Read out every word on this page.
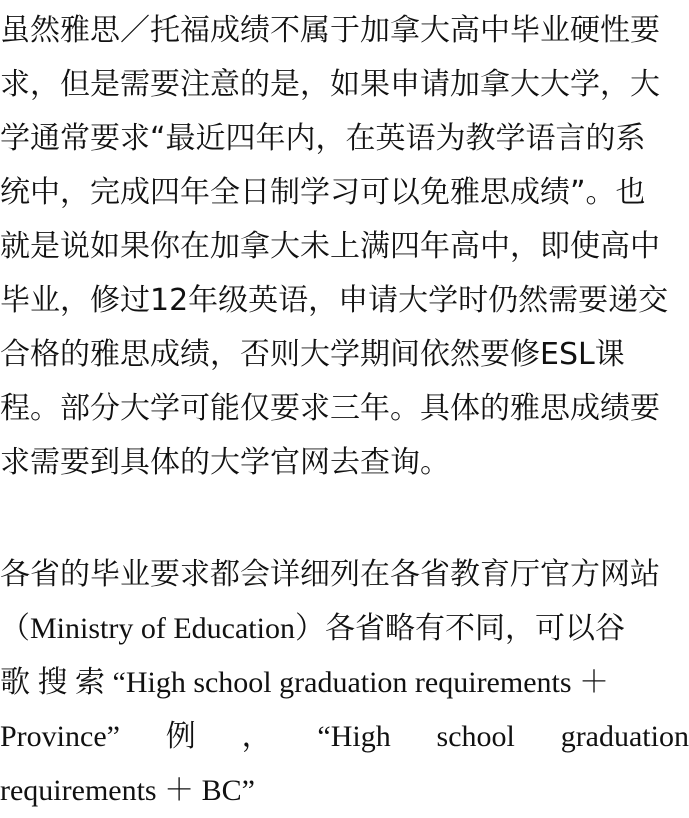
虽然雅思／托福成绩不属于加拿大高中毕业硬性要
求，但是需要注意的是，如果申请加拿大大学，大
学通常要求“最近四年内，在英语为教学语言的系
统中，完成四年全日制学习可以免雅思成绩”。也
就是说如果你在加拿大未上满四年高中，即使高中
毕业，修过12年级英语，申请大学时仍然需要递交
合格的雅思成绩，否则大学期间依然要修ESL课
程。部分大学可能仅要求三年。具体的雅思成绩要
求需要到具体的大学官网去查询。
各省的毕业要求都会详细列在各省教育厅官方网站
（Ministry of Education）各省略有不同，可以谷
歌 搜 索 “High school graduation requirements ＋
Province” 例 ， “High school graduation
requirements ＋ BC”
